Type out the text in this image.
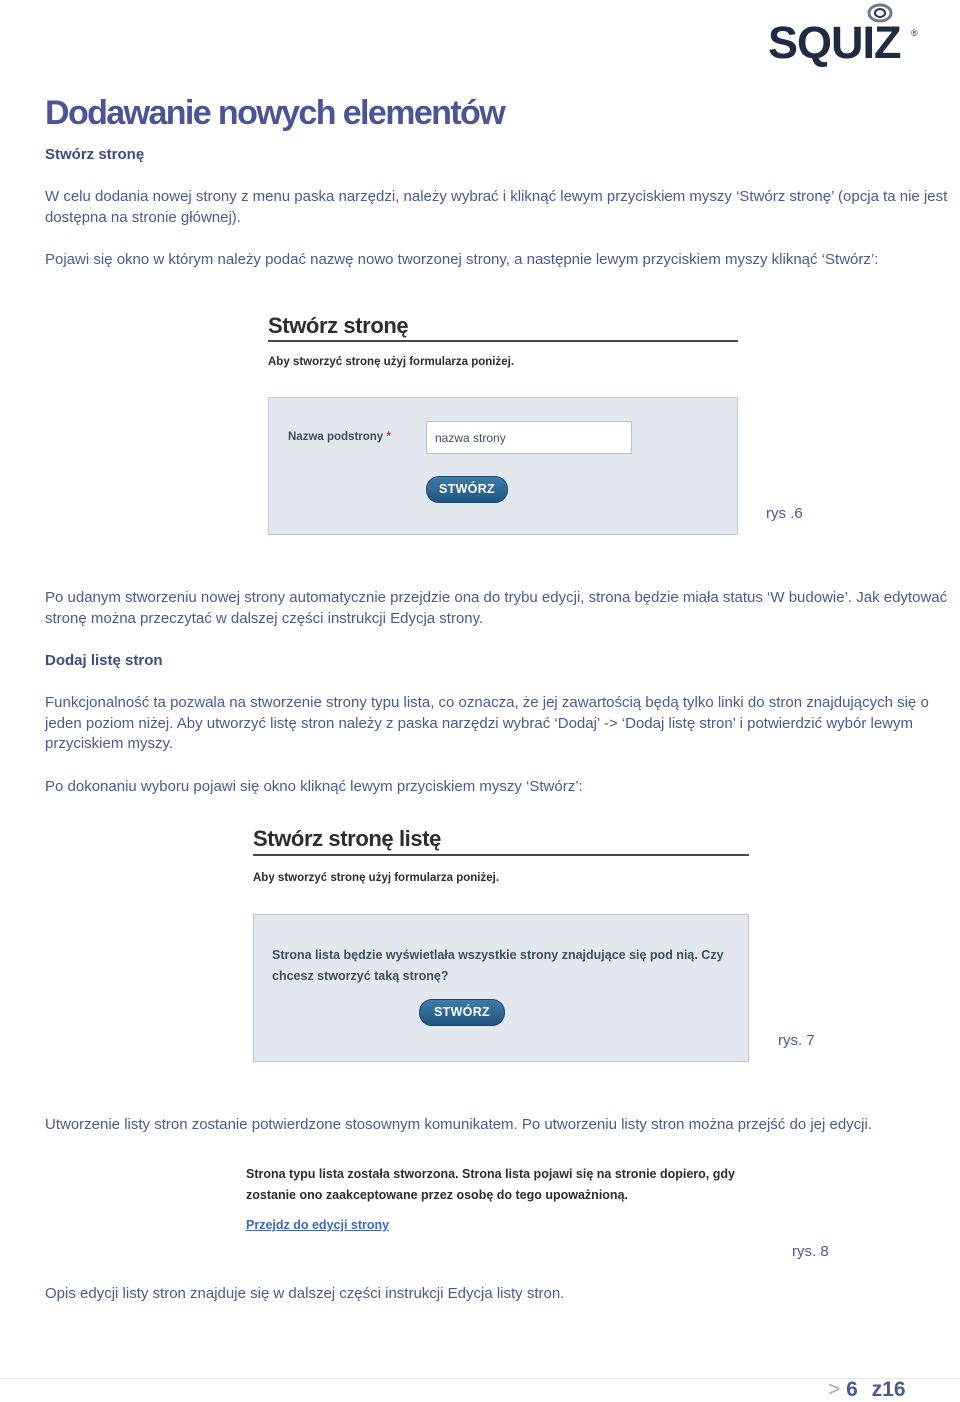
SQUIZ ®
Dodawanie nowych elementów
Stwórz stronę

W celu dodania nowej strony z menu paska narzędzi, należy wybrać i kliknąć lewym przyciskiem myszy ‘Stwórz stronę’ (opcja ta nie jest dostępna na stronie głównej).

Pojawi się okno w którym należy podać nazwę nowo tworzonej strony, a następnie lewym przyciskiem myszy kliknąć ‘Stwórz’:

Stwórz stronę
Aby stworzyć stronę użyj formularza poniżej.
Nazwa podstrony *	nazwa strony
STWÓRZ
rys .6

Po udanym stworzeniu nowej strony automatycznie przejdzie ona do trybu edycji, strona będzie miała status ‘W budowie’. Jak edytować stronę można przeczytać w dalszej części instrukcji Edycja strony.

Dodaj listę stron

Funkcjonalność ta pozwala na stworzenie strony typu lista, co oznacza, że jej zawartością będą tylko linki do stron znajdujących się o jeden poziom niżej. Aby utworzyć listę stron należy z paska narzędzi wybrać ‘Dodaj’ -> ‘Dodaj listę stron’ i potwierdzić wybór lewym przyciskiem myszy.

Po dokonaniu wyboru pojawi się okno kliknąć lewym przyciskiem myszy ‘Stwórz’:

Stwórz stronę listę
Aby stworzyć stronę użyj formularza poniżej.
Strona lista będzie wyświetlała wszystkie strony znajdujące się pod nią. Czy chcesz stworzyć taką stronę?
STWÓRZ
rys. 7

Utworzenie listy stron zostanie potwierdzone stosownym komunikatem. Po utworzeniu listy stron można przejść do jej edycji.

Strona typu lista została stworzona. Strona lista pojawi się na stronie dopiero, gdy zostanie ono zaakceptowane przez osobę do tego upoważnioną.
Przejdz do edycji strony
rys. 8

Opis edycji listy stron znajduje się w dalszej części instrukcji Edycja listy stron.

> 6 z16
